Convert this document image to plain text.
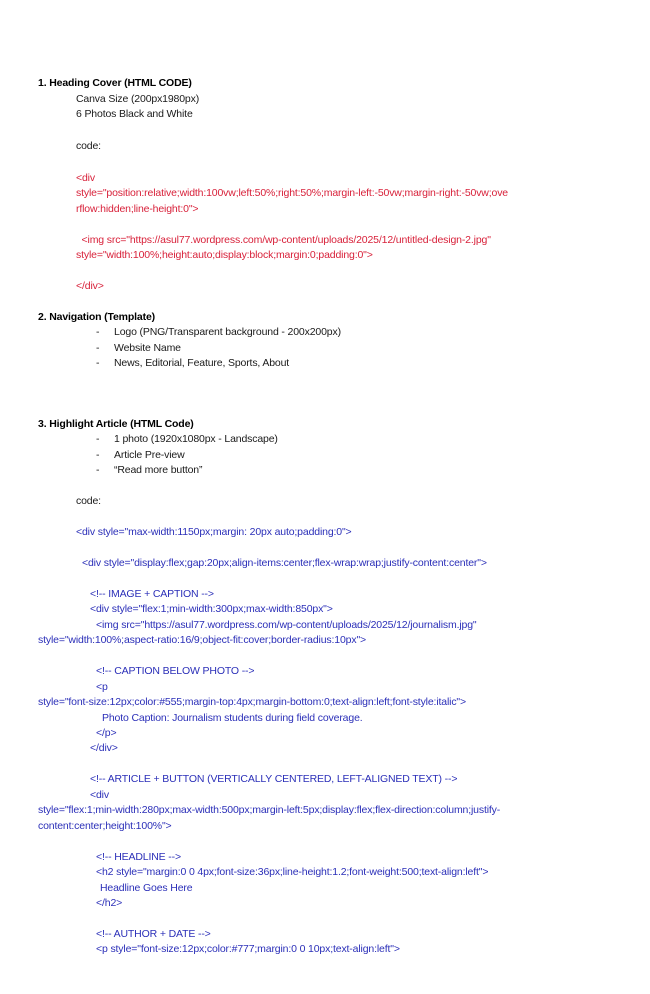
1. Heading Cover (HTML CODE)
Canva Size (200px1980px)
6 Photos Black and White
code:
<div
style="position:relative;width:100vw;left:50%;right:50%;margin-left:-50vw;margin-right:-50vw;ove
rflow:hidden;line-height:0">
<img src="https://asul77.wordpress.com/wp-content/uploads/2025/12/untitled-design-2.jpg"
style="width:100%;height:auto;display:block;margin:0;padding:0">
</div>
2. Navigation (Template)
- Logo (PNG/Transparent background - 200x200px)
- Website Name
- News, Editorial, Feature, Sports, About
3. Highlight Article (HTML Code)
- 1 photo (1920x1080px - Landscape)
- Article Pre-view
- “Read more button”
code:
<div style="max-width:1150px;margin: 20px auto;padding:0">
<div style="display:flex;gap:20px;align-items:center;flex-wrap:wrap;justify-content:center">
<!-- IMAGE + CAPTION -->
<div style="flex:1;min-width:300px;max-width:850px">
<img src="https://asul77.wordpress.com/wp-content/uploads/2025/12/journalism.jpg"
style="width:100%;aspect-ratio:16/9;object-fit:cover;border-radius:10px">
<!-- CAPTION BELOW PHOTO -->
<p
style="font-size:12px;color:#555;margin-top:4px;margin-bottom:0;text-align:left;font-style:italic">
Photo Caption: Journalism students during field coverage.
</p>
</div>
<!-- ARTICLE + BUTTON (VERTICALLY CENTERED, LEFT-ALIGNED TEXT) -->
<div
style="flex:1;min-width:280px;max-width:500px;margin-left:5px;display:flex;flex-direction:column;justify-
content:center;height:100%">
<!-- HEADLINE -->
<h2 style="margin:0 0 4px;font-size:36px;line-height:1.2;font-weight:500;text-align:left">
Headline Goes Here
</h2>
<!-- AUTHOR + DATE -->
<p style="font-size:12px;color:#777;margin:0 0 10px;text-align:left">
